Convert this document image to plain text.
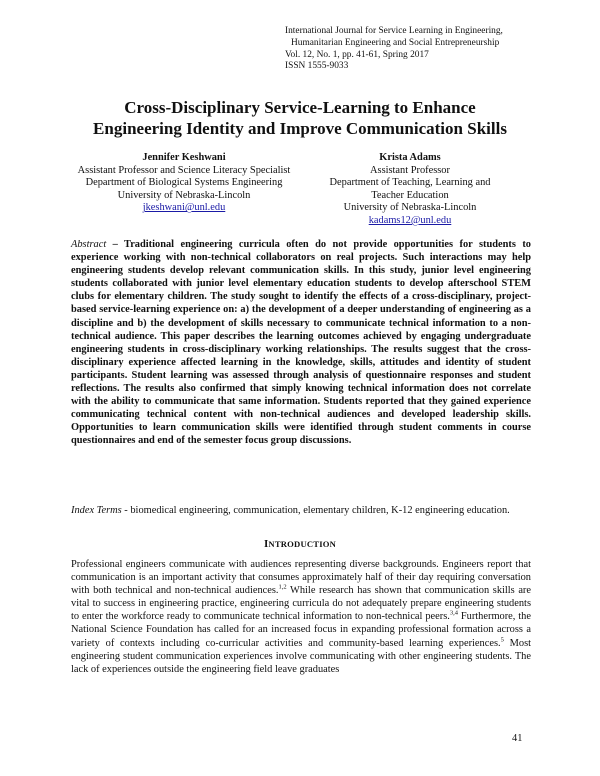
International Journal for Service Learning in Engineering,
Humanitarian Engineering and Social Entrepreneurship
Vol. 12, No. 1, pp. 41-61, Spring 2017
ISSN 1555-9033
Cross-Disciplinary Service-Learning to Enhance
Engineering Identity and Improve Communication Skills
Jennifer Keshwani
Assistant Professor and Science Literacy Specialist
Department of Biological Systems Engineering
University of Nebraska-Lincoln
jkeshwani@unl.edu
Krista Adams
Assistant Professor
Department of Teaching, Learning and
Teacher Education
University of Nebraska-Lincoln
kadams12@unl.edu
Abstract – Traditional engineering curricula often do not provide opportunities for students to experience working with non-technical collaborators on real projects. Such interactions may help engineering students develop relevant communication skills. In this study, junior level engineering students collaborated with junior level elementary education students to develop afterschool STEM clubs for elementary children. The study sought to identify the effects of a cross-disciplinary, project-based service-learning experience on: a) the development of a deeper understanding of engineering as a discipline and b) the development of skills necessary to communicate technical information to a non-technical audience. This paper describes the learning outcomes achieved by engaging undergraduate engineering students in cross-disciplinary working relationships. The results suggest that the cross-disciplinary experience affected learning in the knowledge, skills, attitudes and identity of student participants. Student learning was assessed through analysis of questionnaire responses and student reflections. The results also confirmed that simply knowing technical information does not correlate with the ability to communicate that same information. Students reported that they gained experience communicating technical content with non-technical audiences and developed leadership skills. Opportunities to learn communication skills were identified through student comments in course questionnaires and end of the semester focus group discussions.
Index Terms - biomedical engineering, communication, elementary children, K-12 engineering education.
INTRODUCTION
Professional engineers communicate with audiences representing diverse backgrounds. Engineers report that communication is an important activity that consumes approximately half of their day requiring conversation with both technical and non-technical audiences.$^{1,2}$ While research has shown that communication skills are vital to success in engineering practice, engineering curricula do not adequately prepare engineering students to enter the workforce ready to communicate technical information to non-technical peers.$^{3,4}$ Furthermore, the National Science Foundation has called for an increased focus in expanding professional formation across a variety of contexts including co-curricular activities and community-based learning experiences.$^5$ Most engineering student communication experiences involve communicating with other engineering students. The lack of experiences outside the engineering field leave graduates
41
